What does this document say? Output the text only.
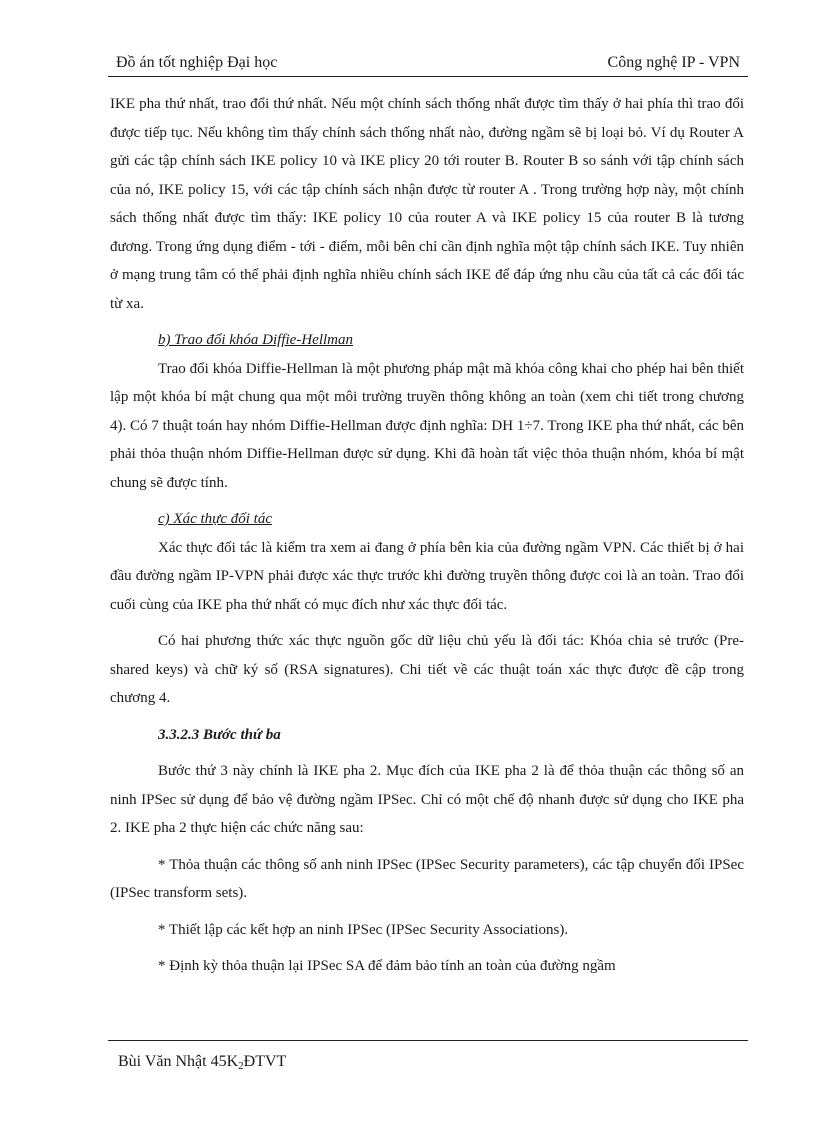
Đồ án tốt nghiệp Đại học	Công nghệ IP - VPN

IKE pha thứ nhất, trao đổi thứ nhất. Nếu một chính sách thống nhất được tìm thấy ở hai phía thì trao đổi được tiếp tục. Nếu không tìm thấy chính sách thống nhất nào, đường ngầm sẽ bị loại bỏ. Ví dụ Router A gửi các tập chính sách IKE policy 10 và IKE plicy 20 tới router B. Router B so sánh với tập chính sách của nó, IKE policy 15, với các tập chính sách nhận được từ router A . Trong trường hợp này, một chính sách thống nhất được tìm thấy: IKE policy 10 của router A và IKE policy 15 của router B là tương đương. Trong ứng dụng điểm - tới - điểm, mỗi bên chỉ cần định nghĩa một tập chính sách IKE. Tuy nhiên ở mạng trung tâm có thể phải định nghĩa nhiều chính sách IKE để đáp ứng nhu cầu của tất cả các đối tác từ xa.

b) Trao đổi khóa Diffie-Hellman

Trao đổi khóa Diffie-Hellman là một phương pháp mật mã khóa công khai cho phép hai bên thiết lập một khóa bí mật chung qua một môi trường truyền thông không an toàn (xem chi tiết trong chương 4). Có 7 thuật toán hay nhóm Diffie-Hellman được định nghĩa: DH 1÷7. Trong IKE pha thứ nhất, các bên phải thỏa thuận nhóm Diffie-Hellman được sử dụng. Khi đã hoàn tất việc thỏa thuận nhóm, khóa bí mật chung sẽ được tính.

c) Xác thực đối tác

Xác thực đối tác là kiểm tra xem ai đang ở phía bên kia của đường ngầm VPN. Các thiết bị ở hai đầu đường ngầm IP-VPN phải được xác thực trước khi đường truyền thông được coi là an toàn. Trao đổi cuối cùng của IKE pha thứ nhất có mục đích như xác thực đối tác.

Có hai phương thức xác thực nguồn gốc dữ liệu chủ yếu là đối tác: Khóa chia sẻ trước (Pre-shared keys) và chữ ký số (RSA signatures). Chi tiết về các thuật toán xác thực được đề cập trong chương 4.

3.3.2.3 Bước thứ ba

Bước thứ 3 này chính là IKE pha 2. Mục đích của IKE pha 2 là để thỏa thuận các thông số an ninh IPSec sử dụng để bảo vệ đường ngầm IPSec. Chỉ có một chế độ nhanh được sử dụng cho IKE pha 2. IKE pha 2 thực hiện các chức năng sau:

* Thỏa thuận các thông số anh ninh IPSec (IPSec Security parameters), các tập chuyển đổi IPSec (IPSec transform sets).

* Thiết lập các kết hợp an ninh IPSec (IPSec Security Associations).

* Định kỳ thỏa thuận lại IPSec SA để đảm bảo tính an toàn của đường ngầm

Bùi Văn Nhật $45K_2ĐTVT$
